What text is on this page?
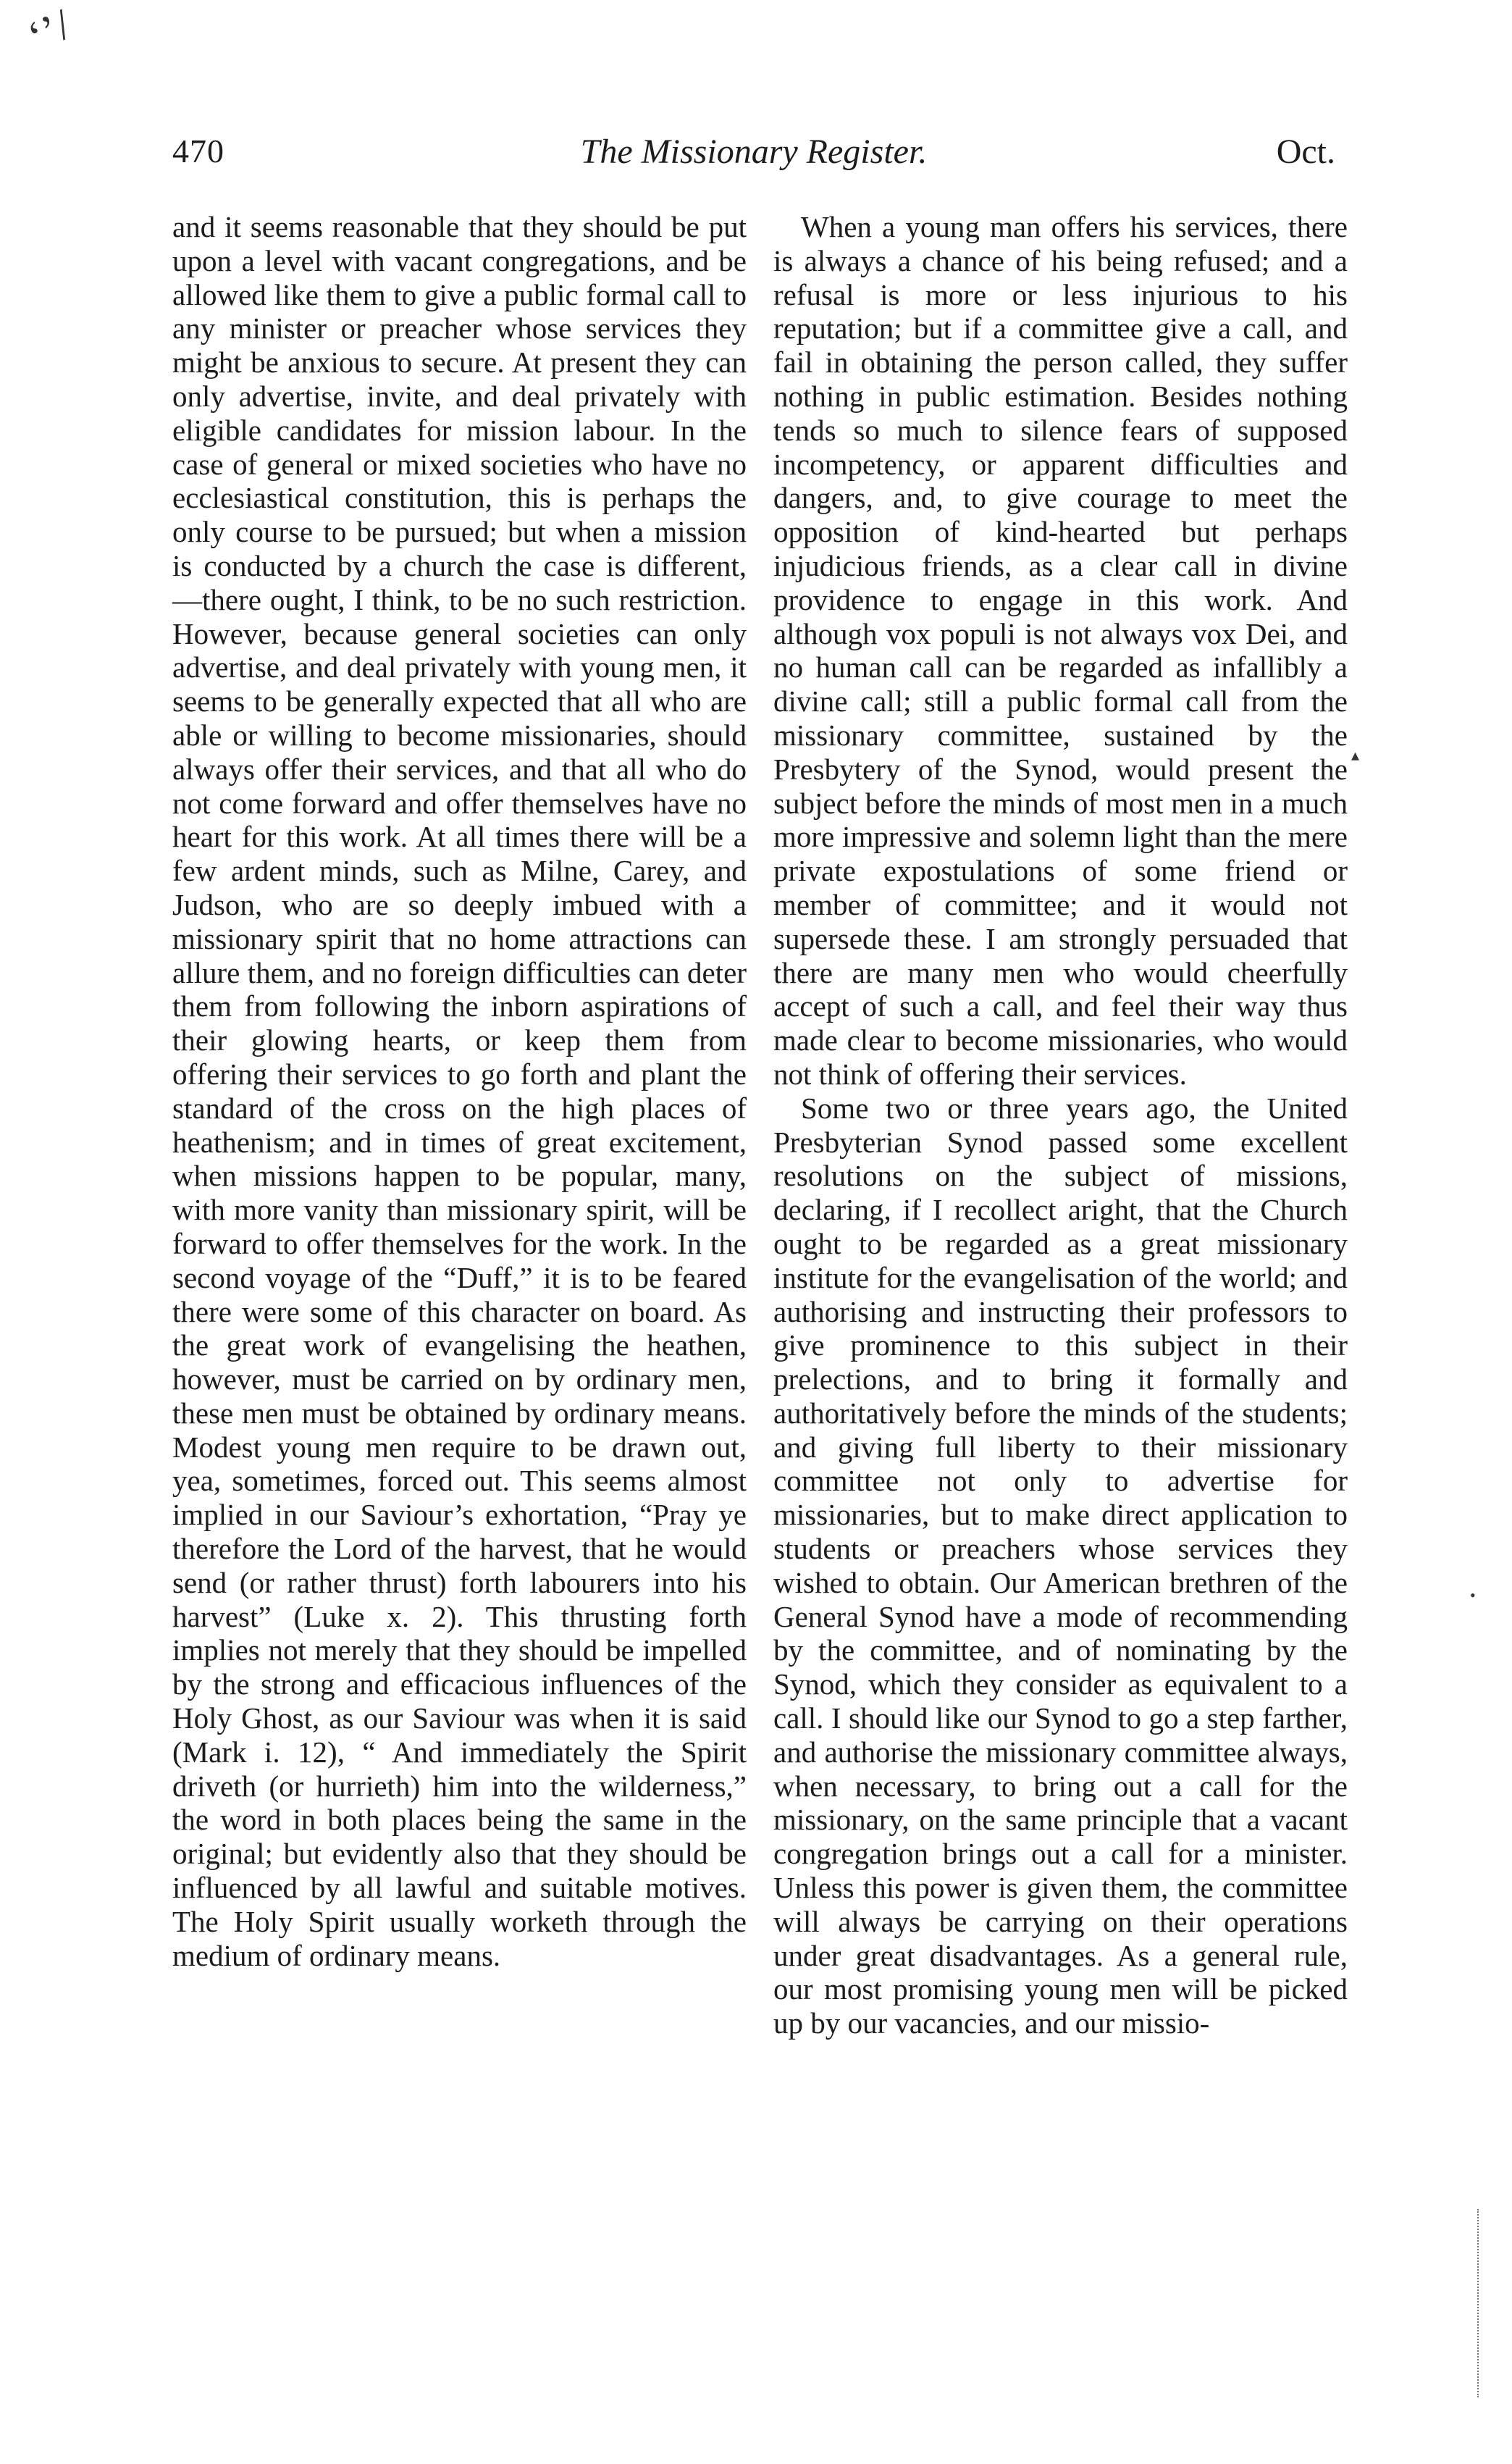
‘’/
470	The Missionary Register.	Oct.

and it seems reasonable that they should be put upon a level with vacant congregations, and be allowed like them to give a public formal call to any minister or preacher whose services they might be anxious to secure. At present they can only advertise, invite, and deal privately with eligible candidates for mission labour. In the case of general or mixed societies who have no ecclesiastical constitution, this is perhaps the only course to be pursued; but when a mission is conducted by a church the case is different, —there ought, I think, to be no such restriction. However, because general societies can only advertise, and deal privately with young men, it seems to be generally expected that all who are able or willing to become missionaries, should always offer their services, and that all who do not come forward and offer themselves have no heart for this work. At all times there will be a few ardent minds, such as Milne, Carey, and Judson, who are so deeply imbued with a missionary spirit that no home attractions can allure them, and no foreign difficulties can deter them from following the inborn aspirations of their glowing hearts, or keep them from offering their services to go forth and plant the standard of the cross on the high places of heathenism; and in times of great excitement, when missions happen to be popular, many, with more vanity than missionary spirit, will be forward to offer themselves for the work. In the second voyage of the “Duff,” it is to be feared there were some of this character on board. As the great work of evangelising the heathen, however, must be carried on by ordinary men, these men must be obtained by ordinary means. Modest young men require to be drawn out, yea, sometimes, forced out. This seems almost implied in our Saviour’s exhortation, “Pray ye therefore the Lord of the harvest, that he would send (or rather thrust) forth labourers into his harvest” (Luke x. 2). This thrusting forth implies not merely that they should be impelled by the strong and efficacious influences of the Holy Ghost, as our Saviour was when it is said (Mark i. 12), “ And immediately the Spirit driveth (or hurrieth) him into the wilderness,” the word in both places being the same in the original; but evidently also that they should be influenced by all lawful and suitable motives. The Holy Spirit usually worketh through the medium of ordinary means.

When a young man offers his services, there is always a chance of his being refused; and a refusal is more or less injurious to his reputation; but if a committee give a call, and fail in obtaining the person called, they suffer nothing in public estimation. Besides nothing tends so much to silence fears of supposed incompetency, or apparent difficulties and dangers, and, to give courage to meet the opposition of kind-hearted but perhaps injudicious friends, as a clear call in divine providence to engage in this work. And although vox populi is not always vox Dei, and no human call can be regarded as infallibly a divine call; still a public formal call from the missionary committee, sustained by the Presbytery of the Synod, would present the subject before the minds of most men in a much more impressive and solemn light than the mere private expostulations of some friend or member of committee; and it would not supersede these. I am strongly persuaded that there are many men who would cheerfully accept of such a call, and feel their way thus made clear to become missionaries, who would not think of offering their services.

Some two or three years ago, the United Presbyterian Synod passed some excellent resolutions on the subject of missions, declaring, if I recollect aright, that the Church ought to be regarded as a great missionary institute for the evangelisation of the world; and authorising and instructing their professors to give prominence to this subject in their prelections, and to bring it formally and authoritatively before the minds of the students; and giving full liberty to their missionary committee not only to advertise for missionaries, but to make direct application to students or preachers whose services they wished to obtain. Our American brethren of the General Synod have a mode of recommending by the committee, and of nominating by the Synod, which they consider as equivalent to a call. I should like our Synod to go a step farther, and authorise the missionary committee always, when necessary, to bring out a call for the missionary, on the same principle that a vacant congregation brings out a call for a minister. Unless this power is given them, the committee will always be carrying on their operations under great disadvantages. As a general rule, our most promising young men will be picked up by our vacancies, and our missio-

▴
•
